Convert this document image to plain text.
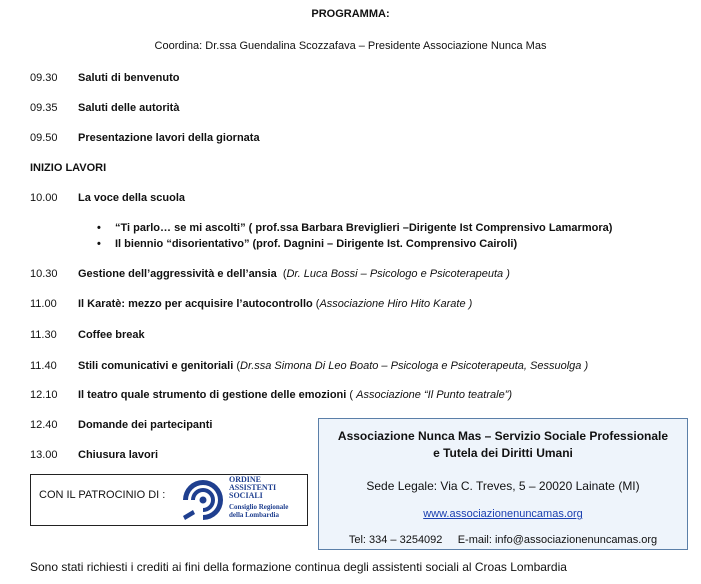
PROGRAMMA:
Coordina: Dr.ssa Guendalina Scozzafava – Presidente Associazione Nunca Mas
09.30 Saluti di benvenuto
09.35 Saluti delle autorità
09.50 Presentazione lavori della giornata
INIZIO LAVORI
10.00 La voce della scuola
• “Ti parlo… se mi ascolti” ( prof.ssa Barbara Breviglieri –Dirigente Ist Comprensivo Lamarmora)
• Il biennio “disorientativo” (prof. Dagnini – Dirigente Ist. Comprensivo Cairoli)
10.30 Gestione dell’aggressività e dell’ansia  (Dr. Luca Bossi – Psicologo e Psicoterapeuta )
11.00 Il Karatè: mezzo per acquisire l’autocontrollo (Associazione Hiro Hito Karate )
11.30 Coffee break
11.40 Stili comunicativi e genitoriali (Dr.ssa Simona Di Leo Boato – Psicologa e Psicoterapeuta, Sessuolga )
12.10 Il teatro quale strumento di gestione delle emozioni ( Associazione “Il Punto teatrale”)
12.40 Domande dei partecipanti
13.00 Chiusura lavori
CON IL PATROCINIO DI :
ORDINE
ASSISTENTI
SOCIALI
Consiglio Regionale
della Lombardia
Associazione Nunca Mas – Servizio Sociale Professionale
e Tutela dei Diritti Umani
Sede Legale: Via C. Treves, 5 – 20020 Lainate (MI)
www.associazionenuncamas.org
Tel: 334 – 3254092     E-mail: info@associazionenuncamas.org
Sono stati richiesti i crediti ai fini della formazione continua degli assistenti sociali al Croas Lombardia
